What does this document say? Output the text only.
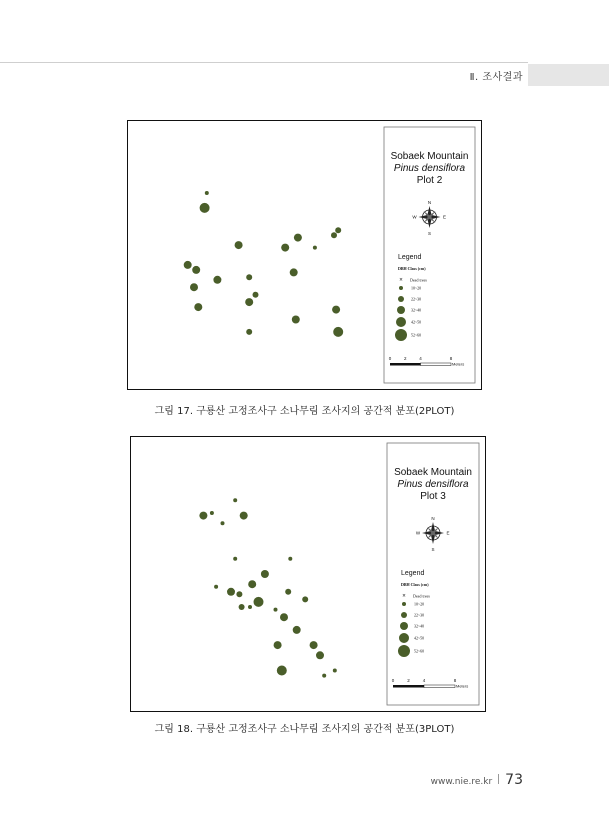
Ⅱ. 조사결과
Sobaek Mountain
Pinus densiflora
Plot 2
N
S
E
W
Legend
DBH Class (cm)
× Dead trees
10~20
22~30
32~40
42~50
52~60
0	2	4	8
Meters
그림 17. 구룡산 고정조사구 소나무림 조사지의 공간적 분포(2PLOT)
Sobaek Mountain
Pinus densiflora
Plot 3
N
S
E
W
Legend
DBH Class (cm)
× Dead trees
10~20
22~30
32~40
42~50
52~60
0	2	4	8
Meters
그림 18. 구룡산 고정조사구 소나무림 조사지의 공간적 분포(3PLOT)
www.nie.re.kr 73
